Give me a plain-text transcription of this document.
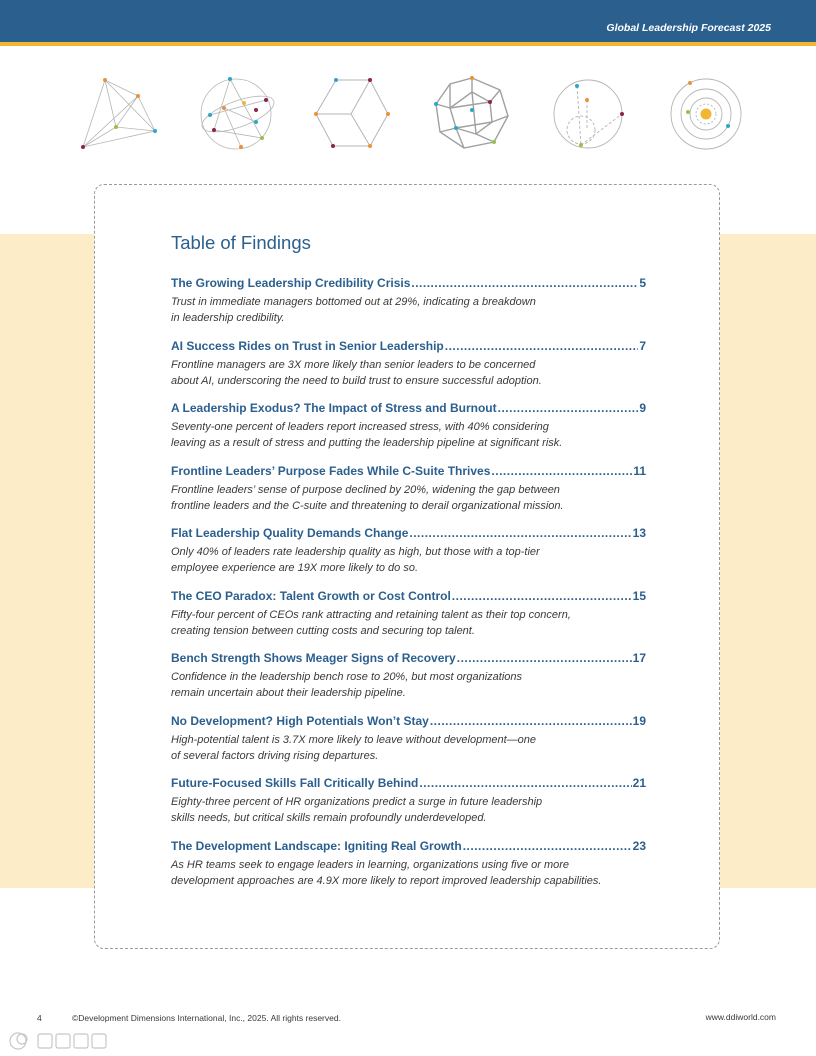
Global Leadership Forecast 2025
Table of Findings
The Growing Leadership Credibility Crisis .....	5
Trust in immediate managers bottomed out at 29%, indicating a breakdown
in leadership credibility.
AI Success Rides on Trust in Senior Leadership .....	7
Frontline managers are 3X more likely than senior leaders to be concerned
about AI, underscoring the need to build trust to ensure successful adoption.
A Leadership Exodus? The Impact of Stress and Burnout .....	9
Seventy-one percent of leaders report increased stress, with 40% considering
leaving as a result of stress and putting the leadership pipeline at significant risk.
Frontline Leaders’ Purpose Fades While C-Suite Thrives .....	11
Frontline leaders’ sense of purpose declined by 20%, widening the gap between
frontline leaders and the C-suite and threatening to derail organizational mission.
Flat Leadership Quality Demands Change .....	13
Only 40% of leaders rate leadership quality as high, but those with a top-tier
employee experience are 19X more likely to do so.
The CEO Paradox: Talent Growth or Cost Control .....	15
Fifty-four percent of CEOs rank attracting and retaining talent as their top concern,
creating tension between cutting costs and securing top talent.
Bench Strength Shows Meager Signs of Recovery .....	17
Confidence in the leadership bench rose to 20%, but most organizations
remain uncertain about their leadership pipeline.
No Development? High Potentials Won’t Stay .....	19
High-potential talent is 3.7X more likely to leave without development—one
of several factors driving rising departures.
Future-Focused Skills Fall Critically Behind .....	21
Eighty-three percent of HR organizations predict a surge in future leadership
skills needs, but critical skills remain profoundly underdeveloped.
The Development Landscape: Igniting Real Growth .....	23
As HR teams seek to engage leaders in learning, organizations using five or more
development approaches are 4.9X more likely to report improved leadership capabilities.
4	©Development Dimensions International, Inc., 2025. All rights reserved.	www.ddiworld.com
